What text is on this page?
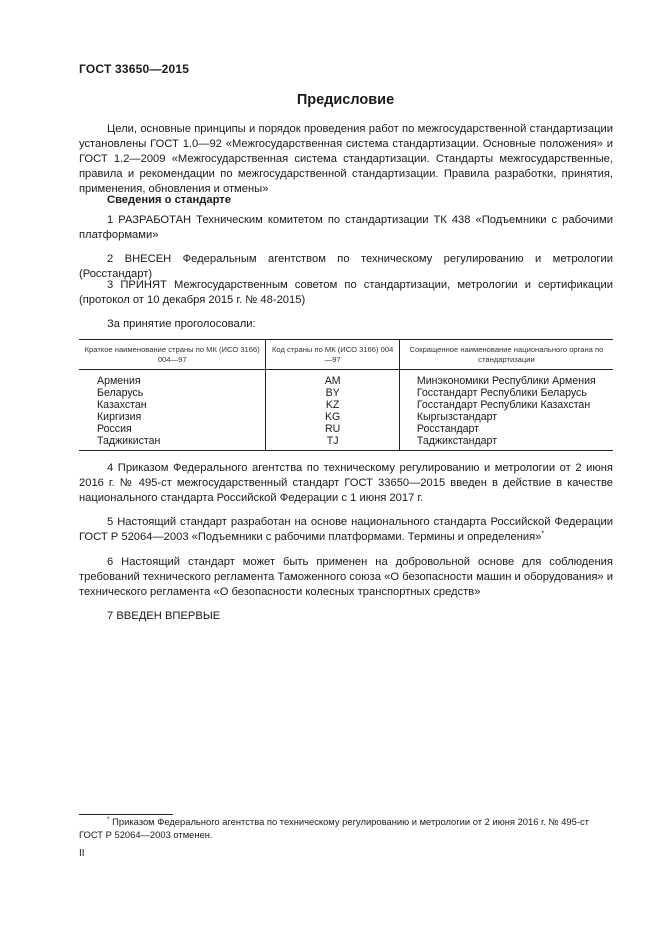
ГОСТ 33650—2015
Предисловие

Цели, основные принципы и порядок проведения работ по межгосударственной стандартизации установлены ГОСТ 1.0—92 «Межгосударственная система стандартизации. Основные положения» и ГОСТ 1.2—2009 «Межгосударственная система стандартизации. Стандарты межгосударственные, правила и рекомендации по межгосударственной стандартизации. Правила разработки, принятия, применения, обновления и отмены»

Сведения о стандарте

1 РАЗРАБОТАН Техническим комитетом по стандартизации ТК 438 «Подъемники с рабочими платформами»

2 ВНЕСЕН Федеральным агентством по техническому регулированию и метрологии (Росстандарт)

3 ПРИНЯТ Межгосударственным советом по стандартизации, метрологии и сертификации (протокол от 10 декабря 2015 г. № 48-2015)

За принятие проголосовали:
Краткое наименование страны по МК (ИСО 3166) 004—97	Код страны по МК (ИСО 3166) 004—97	Сокращенное наименование национального органа по стандартизации
Армения	AM	Минэкономики Республики Армения
Беларусь	BY	Госстандарт Республики Беларусь
Казахстан	KZ	Госстандарт Республики Казахстан
Киргизия	KG	Кыргызстандарт
Россия	RU	Росстандарт
Таджикистан	TJ	Таджикстандарт

4 Приказом Федерального агентства по техническому регулированию и метрологии от 2 июня 2016 г. № 495-ст межгосударственный стандарт ГОСТ 33650—2015 введен в действие в качестве национального стандарта Российской Федерации с 1 июня 2017 г.

5 Настоящий стандарт разработан на основе национального стандарта Российской Федерации ГОСТ Р 52064—2003 «Подъемники с рабочими платформами. Термины и определения»*

6 Настоящий стандарт может быть применен на добровольной основе для соблюдения требований технического регламента Таможенного союза «О безопасности машин и оборудования» и технического регламента «О безопасности колесных транспортных средств»

7 ВВЕДЕН ВПЕРВЫЕ

* Приказом Федерального агентства по техническому регулированию и метрологии от 2 июня 2016 г. № 495-ст ГОСТ Р 52064—2003 отменен.

II
